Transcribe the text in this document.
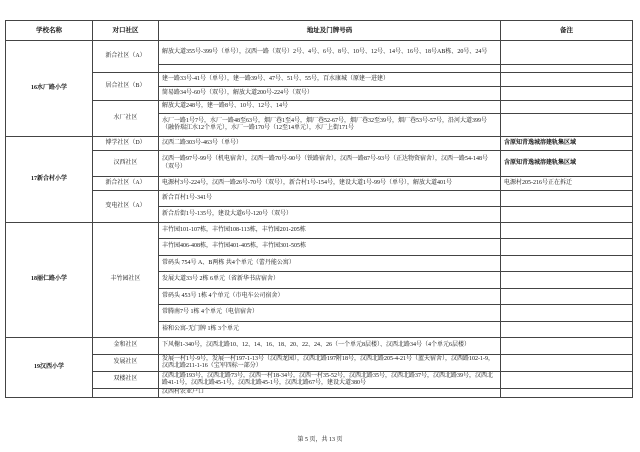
学校名称	对口社区	地址及门牌号码	备注
16水厂路小学	新合社区（A）	解放大道355号-399号（单号），汉西一路（双号）2号、4号、6号、8号、10号、12号、14号、16号、18号AB栋、20号、24号	

	居合社区（B）	建一路33号-41号（单号），建一路39号、47号、51号、55号，百水康城（原建一进建）	
		简易路34号-60号（双号），解放大道200号-224号（双号）	
	水厂社区	解放大道248号，建一路8号、10号、12号、14号	
		水厂一路1号7号，水厂一路48至63号，烟厂巷1至4号，烟厂巷52-67号，烟厂巷32至39号，烟厂巷53号-57号，沿河大道399号（融侨瑞江水12个单元），水厂一路170号（12至14单元），水厂上街171号	
17新合村小学	博学社区（D）	汉西二路303号-463号（单号）	含原知青逸城溶建轨集区域
	汉西社区	汉西一路97号-99号（机电宿舍），汉西一路70号-90号（铁路宿舍），汉西一路87号-93号（正达物资宿舍），汉西一路54-148号（双号）	含原知青逸城溶建轨集区域
	新合社区（A）	电源村3号-224号，汉西一路26号-70号（双号），新合村1号-154号，建设大道1号-99号（单号），解放大道401号	电源村205-216号正在拆迁
	变电社区（A）	新合百村1号-341号	
		新合后街1号-135号，建设大道6号-120号（双号）	
18丽仁路小学	丰竹园社区	丰竹园101-107栋，丰竹园108-113栋，丰竹园201-205栋	
		丰竹园406-408栋，丰竹园401-405栋，丰竹园301-505栋	
		常码头 754号 A、B两栋 共4个单元（蕾丹能公寓）	
		发展大道33号 2栋 6单元（省新华书店宿舍）	
		常码头 453号 1栋 4个单元（市电车公司宿舍）	
		常腾南7号 1栋 4个单元（电信宿舍）	
		裕和公寓-无门牌 1栋 3个单元	
19汉西小学	金和社区	下风榭1-340号，汉西北路10、12、14、16、18、20、22、24、26（一个单元8层楼）、汉西北路34号（4个单元6层楼）	
	发展社区	发展一村1号-9号，发展一村197-1-13号（汉西龙园），汉西北路197附18号，汉西北路205-4-21号（蓝天宿舍），汉西路102-1-9，汉西北路211-1-16（宝军四标一部分）	
	双楼社区	汉西北路193号，汉西北路73号，汉西一村18-34号，汉西一村35-52号，汉西北路35号，汉西北路37号，汉西北路39号，汉西北路41-1号，汉西北路45-1号，汉西北路45-1号，汉西北路67号，建设大道380号	
		汉西村农业户口	
第 5 页，共 13 页
